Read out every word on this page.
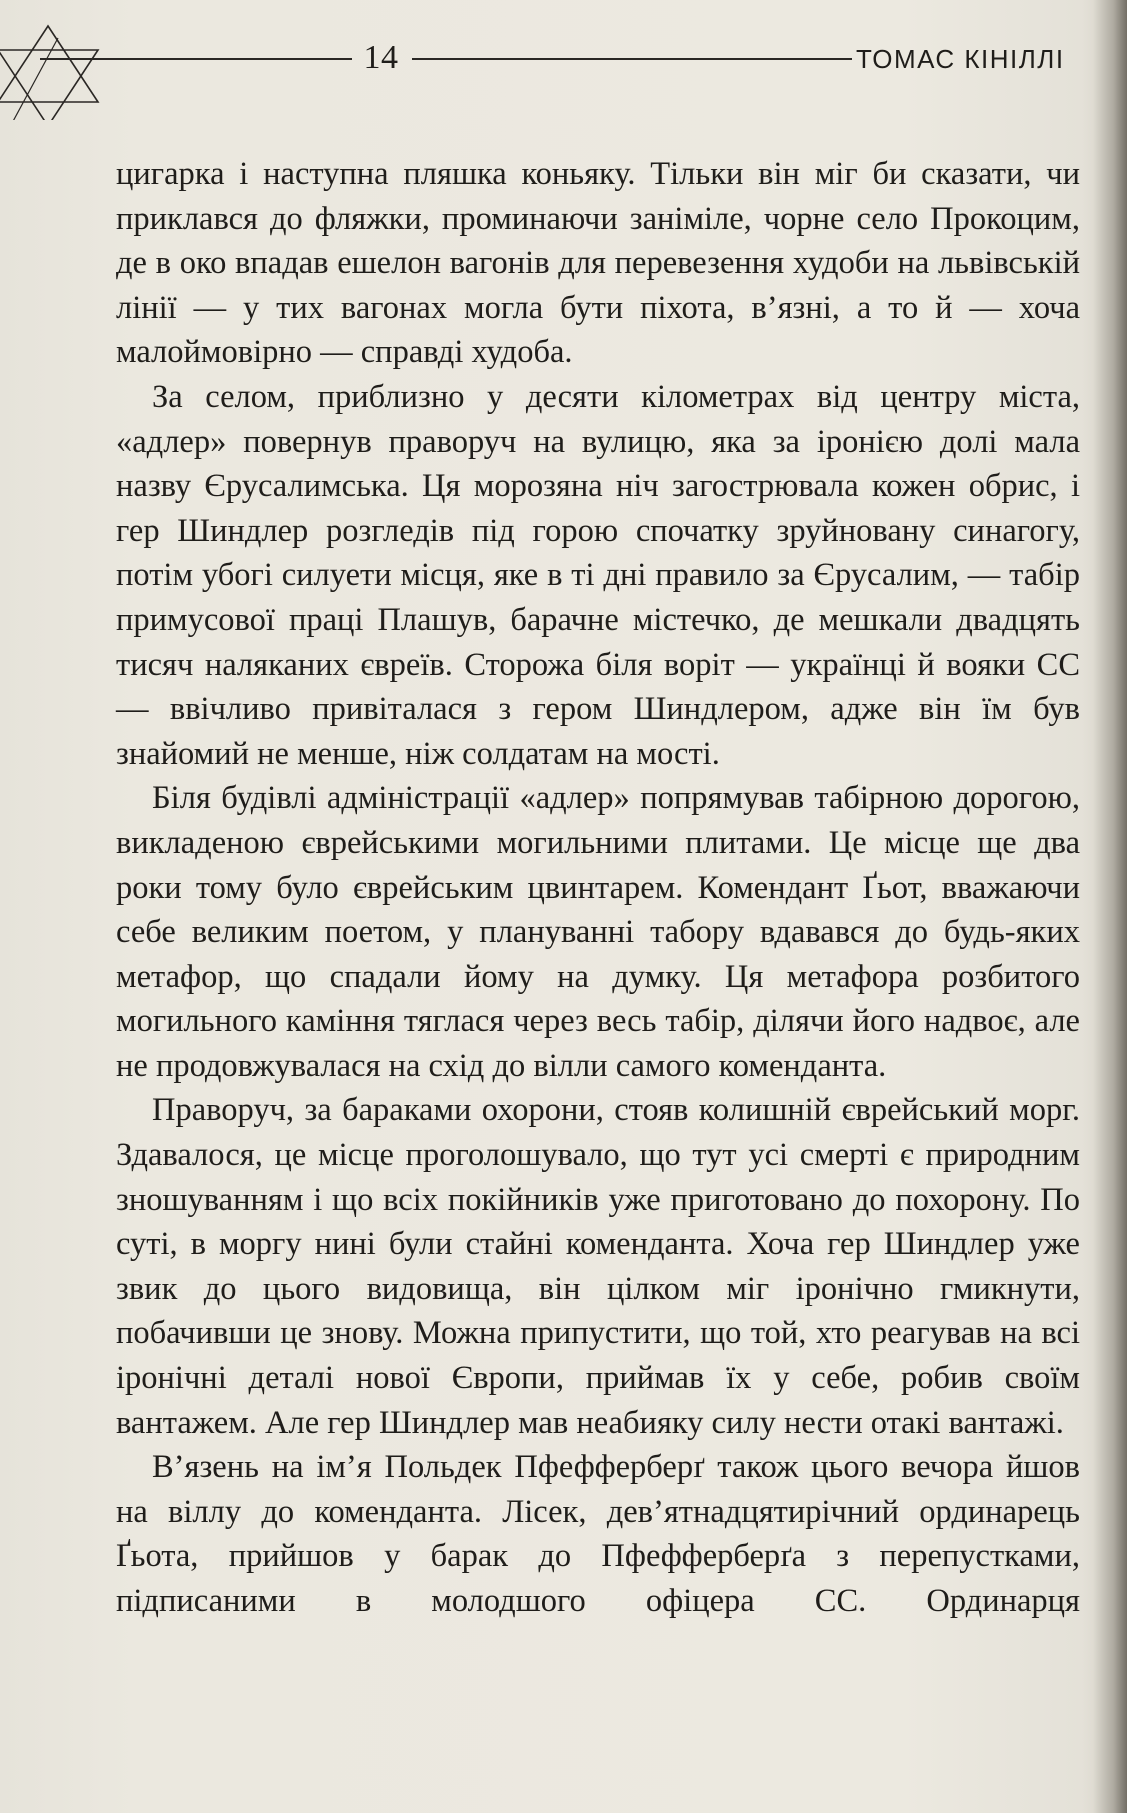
14	ТОМАС КІНІЛЛІ

цигарка і наступна пляшка коньяку. Тільки він міг би сказати, чи приклався до фляжки, проминаючи заніміле, чорне село Прокоцим, де в око впадав ешелон вагонів для перевезення худоби на львівській лінії — у тих вагонах могла бути піхота, в’язні, а то й — хоча малоймовірно — справді худоба.

За селом, приблизно у десяти кілометрах від центру міста, «адлер» повернув праворуч на вулицю, яка за іронією долі мала назву Єрусалимська. Ця морозяна ніч загострювала кожен обрис, і гер Шиндлер розгледів під горою спочатку зруйновану синагогу, потім убогі силуети місця, яке в ті дні правило за Єрусалим, — табір примусової праці Плашув, барачне містечко, де мешкали двадцять тисяч наляканих євреїв. Сторожа біля воріт — українці й вояки СС — ввічливо привіталася з гером Шиндлером, адже він їм був знайомий не менше, ніж солдатам на мості.

Біля будівлі адміністрації «адлер» попрямував табірною дорогою, викладеною єврейськими могильними плитами. Це місце ще два роки тому було єврейським цвинтарем. Комендант Ґьот, вважаючи себе великим поетом, у плануванні табору вдавався до будь-яких метафор, що спадали йому на думку. Ця метафора розбитого могильного каміння тяглася через весь табір, ділячи його надвоє, але не продовжувалася на схід до вілли самого коменданта.

Праворуч, за бараками охорони, стояв колишній єврейський морг. Здавалося, це місце проголошувало, що тут усі смерті є природним зношуванням і що всіх покійників уже приготовано до похорону. По суті, в моргу нині були стайні коменданта. Хоча гер Шиндлер уже звик до цього видовища, він цілком міг іронічно гмикнути, побачивши це знову. Можна припустити, що той, хто реагував на всі іронічні деталі нової Європи, приймав їх у себе, робив своїм вантажем. Але гер Шиндлер мав неабияку силу нести отакі вантажі.

В’язень на ім’я Польдек Пфефферберґ також цього вечора йшов на віллу до коменданта. Лісек, дев’ятнадцятирічний ординарець Ґьота, прийшов у барак до Пфефферберґа з перепустками, підписаними в молодшого офіцера СС. Ординарця
